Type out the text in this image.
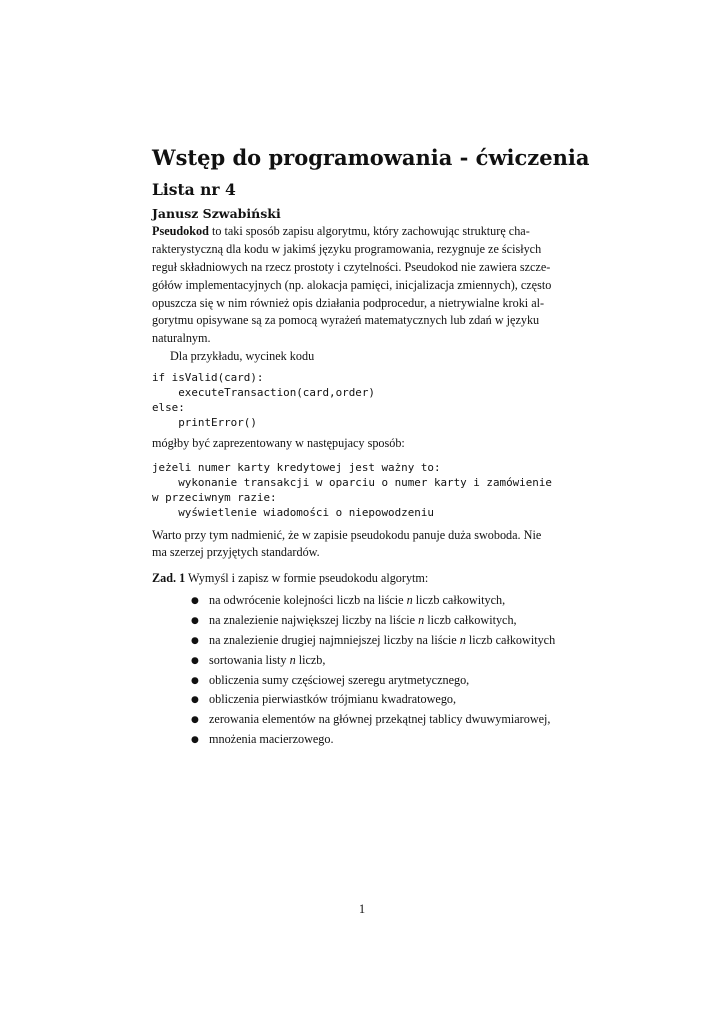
Wstęp do programowania - ćwiczenia
Lista nr 4
Janusz Szwabiński
Pseudokod to taki sposób zapisu algorytmu, który zachowując strukturę cha-
rakterystyczną dla kodu w jakimś języku programowania, rezygnuje ze ścisłych
reguł składniowych na rzecz prostoty i czytelności. Pseudokod nie zawiera szcze-
gółów implementacyjnych (np. alokacja pamięci, inicjalizacja zmiennych), często
opuszcza się w nim również opis działania podprocedur, a nietrywialne kroki al-
gorytmu opisywane są za pomocą wyrażeń matematycznych lub zdań w języku
naturalnym.
Dla przykładu, wycinek kodu
if isValid(card):
executeTransaction(card,order)
else:
printError()
mógłby być zaprezentowany w następujacy sposób:
jeżeli numer karty kredytowej jest ważny to:
wykonanie transakcji w oparciu o numer karty i zamówienie
w przeciwnym razie:
wyświetlenie wiadomości o niepowodzeniu
Warto przy tym nadmienić, że w zapisie pseudokodu panuje duża swoboda. Nie
ma szerzej przyjętych standardów.
Zad. 1 Wymyśl i zapisz w formie pseudokodu algorytm:
● na odwrócenie kolejności liczb na liście n liczb całkowitych,
● na znalezienie największej liczby na liście n liczb całkowitych,
● na znalezienie drugiej najmniejszej liczby na liście n liczb całkowitych
● sortowania listy n liczb,
● obliczenia sumy częściowej szeregu arytmetycznego,
● obliczenia pierwiastków trójmianu kwadratowego,
● zerowania elementów na głównej przekątnej tablicy dwuwymiarowej,
● mnożenia macierzowego.
1
